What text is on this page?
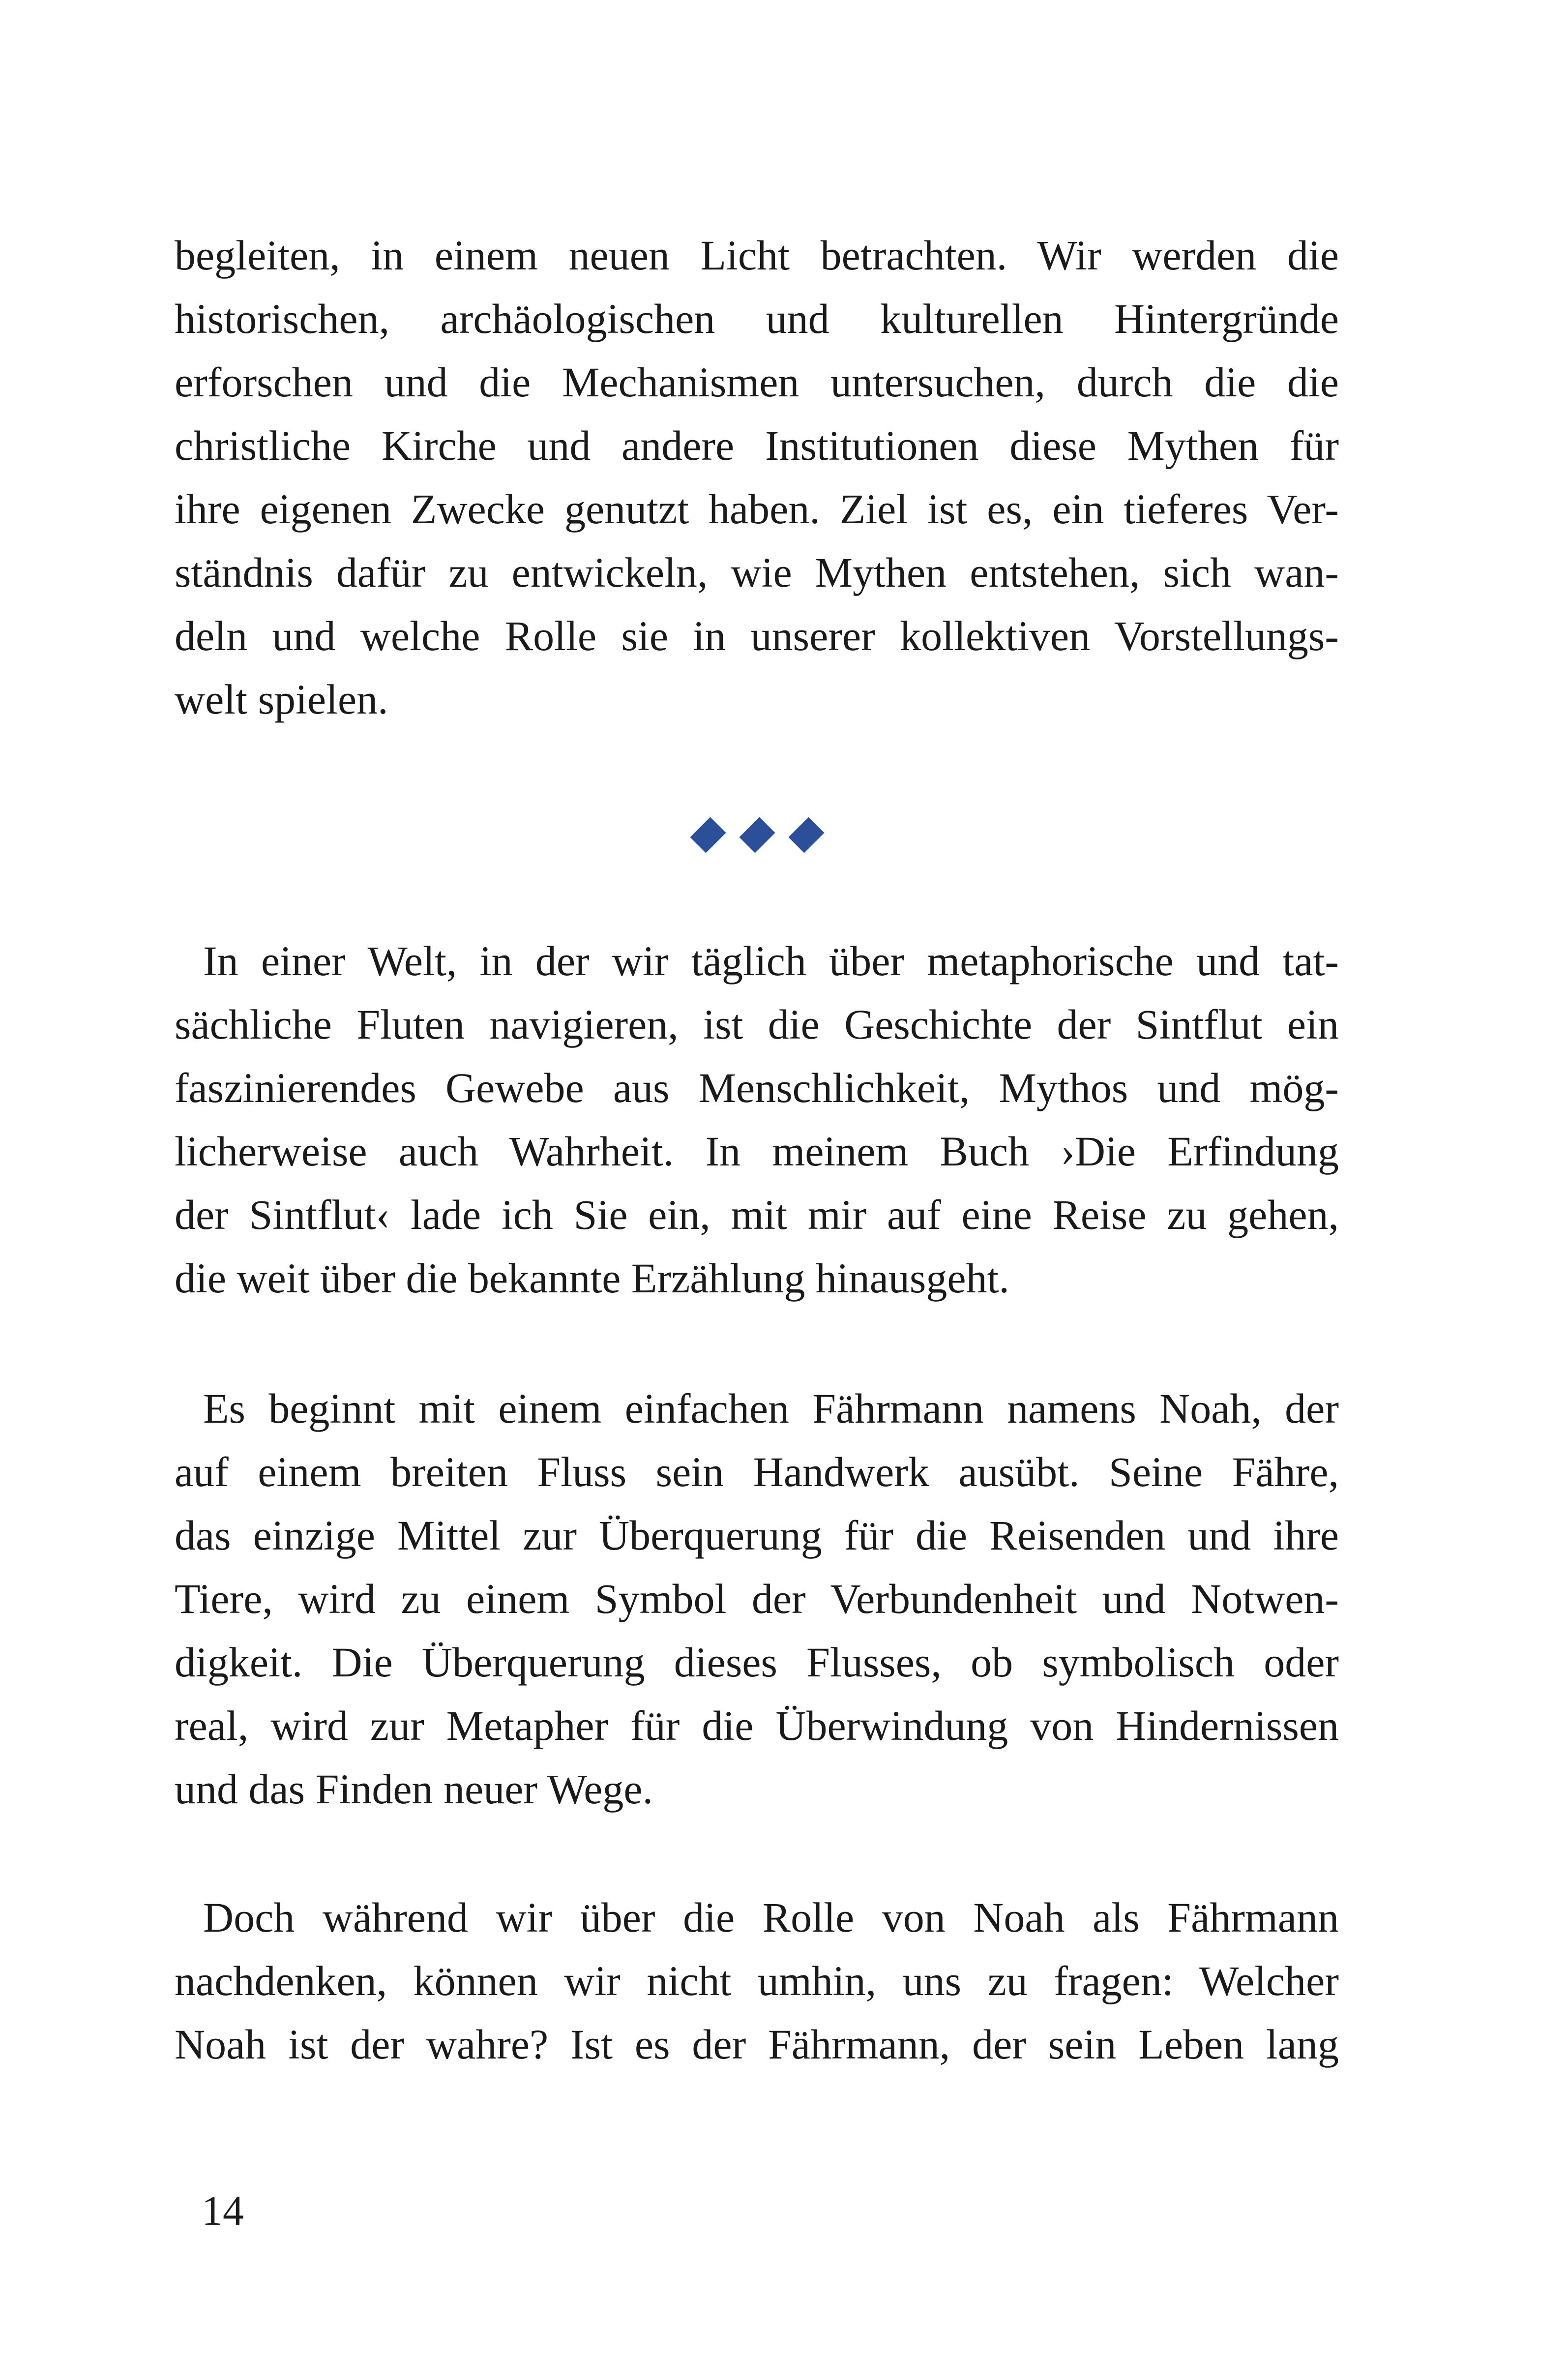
begleiten, in einem neuen Licht betrachten. Wir werden die
historischen, archäologischen und kulturellen Hintergründe
erforschen und die Mechanismen untersuchen, durch die die
christliche Kirche und andere Institutionen diese Mythen für
ihre eigenen Zwecke genutzt haben. Ziel ist es, ein tieferes Ver-
ständnis dafür zu entwickeln, wie Mythen entstehen, sich wan-
deln und welche Rolle sie in unserer kollektiven Vorstellungs-
welt spielen.
In einer Welt, in der wir täglich über metaphorische und tat-
sächliche Fluten navigieren, ist die Geschichte der Sintflut ein
faszinierendes Gewebe aus Menschlichkeit, Mythos und mög-
licherweise auch Wahrheit. In meinem Buch ›Die Erfindung
der Sintflut‹ lade ich Sie ein, mit mir auf eine Reise zu gehen,
die weit über die bekannte Erzählung hinausgeht.
Es beginnt mit einem einfachen Fährmann namens Noah, der
auf einem breiten Fluss sein Handwerk ausübt. Seine Fähre,
das einzige Mittel zur Überquerung für die Reisenden und ihre
Tiere, wird zu einem Symbol der Verbundenheit und Notwen-
digkeit. Die Überquerung dieses Flusses, ob symbolisch oder
real, wird zur Metapher für die Überwindung von Hindernissen
und das Finden neuer Wege.
Doch während wir über die Rolle von Noah als Fährmann
nachdenken, können wir nicht umhin, uns zu fragen: Welcher
Noah ist der wahre? Ist es der Fährmann, der sein Leben lang
14
